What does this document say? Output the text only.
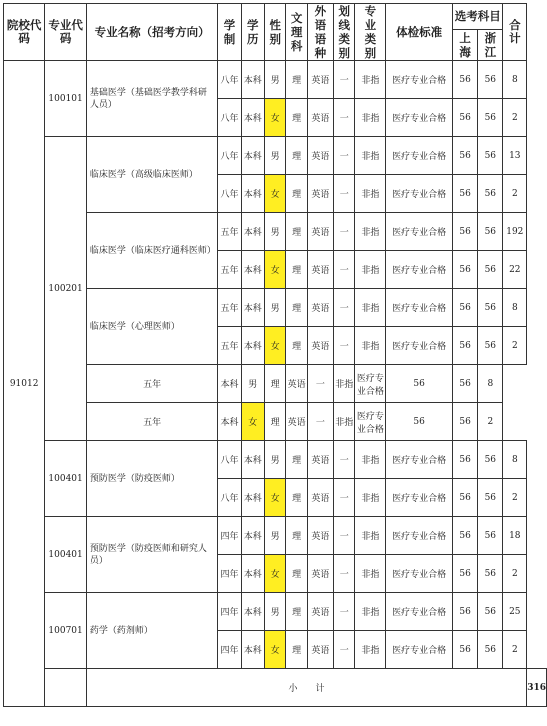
院校代码	专业代码	专业名称（招考方向）	学制	学历	性别	文理科	外语语种	划线类别	专业类别	体检标准	选考科目		合计	
											上海	浙江		
91012	100101	基础医学（基础医学教学科研人员）	八年	本科	男	理	英语	一	非指	医疗专业合格	56	56	8	
			八年	本科	女	理	英语	一	非指	医疗专业合格	56	56	2	
	100201	临床医学（高级临床医师）	八年	本科	男	理	英语	一	非指	医疗专业合格	56	56	13	
			八年	本科	女	理	英语	一	非指	医疗专业合格	56	56	2	
		临床医学（临床医疗通科医师）	五年	本科	男	理	英语	一	非指	医疗专业合格	56	56	192	
			五年	本科	女	理	英语	一	非指	医疗专业合格	56	56	22	
		临床医学（心理医师）	五年	本科	男	理	英语	一	非指	医疗专业合格	56	56	8	
			五年	本科	女	理	英语	一	非指	医疗专业合格	56	56	2	
		五年	本科	男	理	英语	一	非指	医疗专业合格	56	56	8		
		五年	本科	女	理	英语	一	非指	医疗专业合格	56	56	2		
	100401	预防医学（防疫医师）	八年	本科	男	理	英语	一	非指	医疗专业合格	56	56	8	
			八年	本科	女	理	英语	一	非指	医疗专业合格	56	56	2	
	100401	预防医学（防疫医师和研究人员）	四年	本科	男	理	英语	一	非指	医疗专业合格	56	56	18	
			四年	本科	女	理	英语	一	非指	医疗专业合格	56	56	2	
	100701	药学（药剂师）	四年	本科	男	理	英语	一	非指	医疗专业合格	56	56	25	
			四年	本科	女	理	英语	一	非指	医疗专业合格	56	56	2	
		小　　计												316
